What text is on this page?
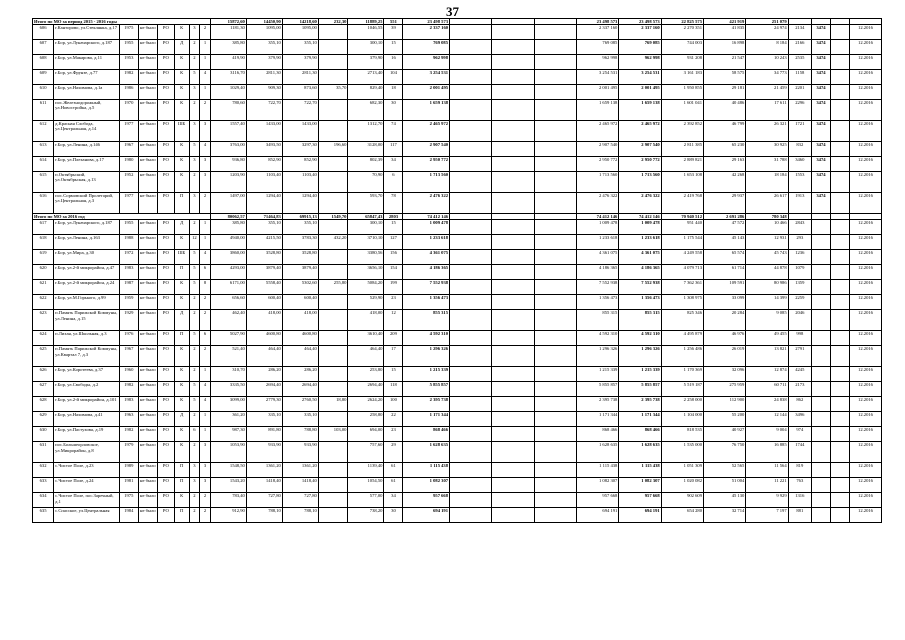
37
Итого по МО за период 2015 - 2016 годы								15872,60	14450,90	14218,60	232,30	11889,25	551	23 498 573				23 498 573	23 498 573	22 825 575	421 919	251 079				
606	г.Канторово, ул.Стеклянка, д.17	1975	не было	РО	К	3	2	1181,30	1095,00	1095,00		1046,55	39	2 337 160				2 337 160	2 337 160	2 270 351	41 835	24 974	2134	3474		12.2016
607	г.Бор, ул.Луначарского, д.187	1955	не было	РО	Д	2	1	385,80	355,10	355,10		300,10	15	769 085				769 085	769 085	744 003	16 898	8 184	2166	3474		12.2016
608	г.Бор, ул.Макарова, д.11	1953	не было	РО	К	2	1	419,90	379,90	379,90		379,90	16	962 998				962 998	962 998	931 208	21 547	10 243	2535	3474		12.2016
609	г.Бор, ул.Фрунзе, д.77	1982	не было	РО	К	5	4	3116,70	2811,30	2811,30		2713,40	104	3 254 531				3 254 531	3 254 531	3 161 183	58 575	34 773	1158	3474		12.2016
610	г.Бор, ул.Нахимова, д.1а	1986	не было	РО	К	3	1	1029,40	909,30	873,60	35,70	829,40	18	2 001 495				2 001 495	2 001 495	1 950 855	29 181	21 459	2201	3474		12.2016
611	пос.Железнодорожный, ул.Новостройка, д.5	1970	не было	РО	К	2	2	780,60	722,70	722,70		682,30	30	1 659 138				1 659 138	1 659 138	1 601 041	40 486	17 611	2296	3474		12.2016
612	д.Красная Слобода, ул.Центральная, д.14	1977	не было	РО	ШБ	3	3	1557,40	1433,00	1433,00		1312,70	74	2 465 972				2 465 972	2 465 972	2 392 852	46 799	26 321	1721	3474		12.2016
613	г.Бор, ул.Ленина, д.146	1967	не было	РО	К	5	4	3763,00	3493,50	3297,30	196,60	3128,00	117	2 907 540				2 907 540	2 907 540	2 811 385	65 230	30 925	832	3474		12.2016
614	г.Бор, ул.Плеханова, д.17	1980	не было	РО	К	3	3	936,80	852,90	852,90		802,39	34	2 950 772				2 950 772	2 950 772	2 889 821	29 163	31 788	3460	3474		12.2016
615	п.Октябрьский, ул.Октябрьская, д.13	1952	не было	РО	К	2	3	1203,90	1103,40	1103,40		70,90	6	1 713 560				1 713 560	1 713 560	1 653 108	42 268	18 184	1553	3474		12.2016
616	пос.Сормовский Пролетарий, ул.Центральная, д.3	1977	не было	РО	П	3	2	1497,00	1294,40	1294,40		593,70	78	2 476 322				2 476 322	2 476 322	2 419 768	29 937	26 617	1913	3474		12.2016
Итого по МО за 2016 год								80062,57	71464,83	69915,13	1549,70	65847,43	2803	74 412 146				74 412 146	74 412 146	70 940 512	2 691 286	780 348				
617	г.Бор, ул.Луначарского, д.187	1955	не было	РО	Д	2	1	385,80	355,10	355,10		300,10	15	1 009 478				1 009 478	1 009 478	951 440	47 572	10 466	2843			12.2016
618	г.Бор, ул.Ленина, д.163	1988	не было	РО	К	12	1	4940,00	4215,50	3783,30	432,20	3710,10	127	1 233 618				1 233 618	1 233 618	1 175 544	45 143	12 931	293			12.2016
619	г.Бор, ул.Мира, д.30	1972	не было	РО	ШБ	5	4	3860,00	3528,80	3528,80		3380,56	156	4 361 075				4 361 075	4 361 075	4 249 558	65 574	45 743	1236			12.2016
620	г.Бор, ул.2-й микрорайон, д.47	1983	не было	РО	П	5	6	4293,00	3879,40	3879,40		3656,10	154	4 186 365				4 186 365	4 186 365	4 079 713	61 714	44 878	1079			12.2016
621	г.Бор, ул.2-й микрорайон, д.24	1987	не было	РО	К	5	8	6171,00	5558,40	5302,60	255,80	5084,20	199	7 552 938				7 552 938	7 552 938	7 362 361	109 591	80 986	1359			12.2016
622	г.Бор, ул.М.Горького, д.99	1959	не было	РО	К	2	2	656,60	600,40	600,40		529,90	23	1 356 473				1 356 473	1 356 473	1 308 975	33 099	14 399	2259			12.2016
623	п.Память Парижской Коммуны, ул.Ленина, д.15	1929	не было	РО	Д	2	2	462,40	418,00	418,00		418,00	12	855 315				855 315	855 315	825 346	20 284	9 085	2046			12.2016
624	п.Лихая, ул.Школьная, д.3	1976	не было	РО	П	5	6	5027,90	4600,80	4600,80		3610,40	209	4 592 310				4 592 310	4 592 310	4 495 879	46 976	49 455	998			12.2016
625	п.Память Парижской Коммуны, ул.Квартал 7, д.3	1967	не было	РО	К	2	2	521,40	464,40	464,40		464,40	17	1 296 326				1 296 326	1 296 326	1 256 486	26 019	13 821	2791			12.2016
626	г.Бор, ул.Коротеева, д.37	1960	не было	РО	К	2	1	310,70	286,20	286,20		253,80	15	1 215 339				1 215 339	1 215 339	1 170 369	32 096	12 874	4245			12.2016
627	г.Бор, ул.Свободы, д.2	1982	не было	РО	К	5	4	3335,50	2694,40	2694,40		2694,40	118	5 855 857				5 855 857	5 855 857	5 519 187	275 959	60 711	2173			12.2016
628	г.Бор, ул.2-й микрорайон, д.101	1983	не было	РО	К	5	4	3099,00	2779,30	2760,50	18,80	2624,20	100	2 395 738				2 395 738	2 395 738	2 258 000	112 900	24 838	862			12.2016
629	г.Бор, ул.Нахимова, д.41	1963	не было	РО	Д	2	1	361,20	335,10	335,10		258,80	22	1 171 344				1 171 344	1 171 344	1 104 000	55 200	12 144	3496			12.2016
630	г.Бор, ул.Пастухова, д.19	1982	не было	РО	К	6	1	987,30	891,80	788,80	103,00	694,00	23	868 466				868 466	868 466	818 535	40 927	9 004	974			12.2016
631	пос.Большеорловское, ул.Микрорайон, д.8	1979	не было	РО	К	2	3	1053,90	933,90	933,90		757,60	29	1 628 635				1 628 635	1 628 635	1 535 000	76 750	16 885	1744			12.2016
632	с.Чистое Поле, д.23	1989	не было	РО	П	3	3	1548,50	1361,20	1361,20		1139,40	61	1 115 438				1 115 438	1 115 438	1 051 309	52 565	11 564	819			12.2016
633	с.Чистое Поле, д.24	1981	не было	РО	П	3	3	1543,20	1418,40	1418,40		1054,50	61	1 082 307				1 082 307	1 082 307	1 020 082	51 004	11 221	763			12.2016
634	с.Чистое Поле, пос.Заречный, д.1	1975	не было	РО	К	2	2	783,40	727,80	727,80		577,00	34	957 668				957 668	957 668	902 609	45 130	9 929	1316			12.2016
635	с.Спасское, ул.Центральная	1984	не было	РО	П	2	2	912,90	788,10	788,10		738,20	30	694 191				694 191	694 191	654 280	32 714	7 197	881			12.2016
